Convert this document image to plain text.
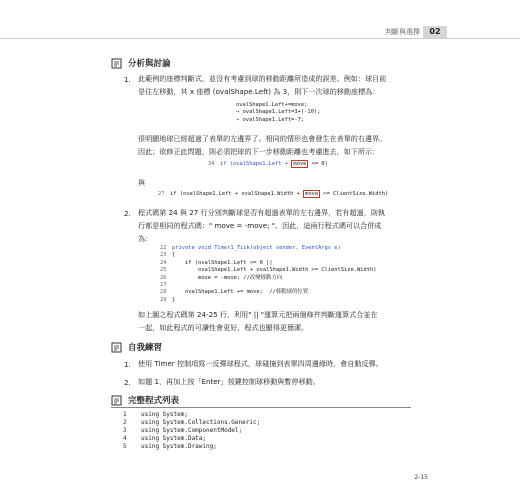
判斷與選擇	02
分析與討論
1. 此範例的座標判斷式，並沒有考慮到球的移動距離所造成的誤差。例如：球目前
是往左移動，其 x 座標 (ovalShape.Left) 為 3，則下一次球的移動座標為：
ovalShape1.Left+=move;
⇒ ovalShape1.Left=3+(-10);
⇒ ovalShape1.Left=-7;
很明顯地球已經超過了表單的左邊界了。相同的情形也會發生在表單的右邊界。
因此；欲修正此問題，則必須把球的下一步移動距離也考慮進去，如下所示：
34 if (ovalShape1.Left + move <= 0)
與
27 if (ovalShape1.Left + ovalShape1.Width + move >= ClientSize.Width)
2. 程式碼第 24 與 27 行分別判斷球是否有超過表單的左右邊界，若有超過，則執
行都是相同的程式碼：" move = -move; "。因此，這兩行程式碼可以合併成
為：
22 private void Timer1_Tick(object sender, EventArgs e)
23 {
24    if (ovalShape1.Left <= 0 ||
25        ovalShape1.Left + ovalShape1.Width >= ClientSize.Width)
26        move = -move; //改變移動方向
27
28    ovalShape1.Left += move;  //移動球的位置
29 }
如上圖之程式碼第 24-25 行，利用" || "運算元把兩個條件判斷運算式合並在
一起，如此程式的可讀性會更好，程式也顯得更簡潔。
自我練習
1. 使用 Timer 控制項寫一反彈球程式，球碰撞到表單四周邊緣時，會自動反彈。
2. 如題 1，再加上按「Enter」按鍵控制球移動與暫停移動。
完整程式列表
1 using System;
2 using System.Collections.Generic;
3 using System.ComponentModel;
4 using System.Data;
5 using System.Drawing;
2-15
